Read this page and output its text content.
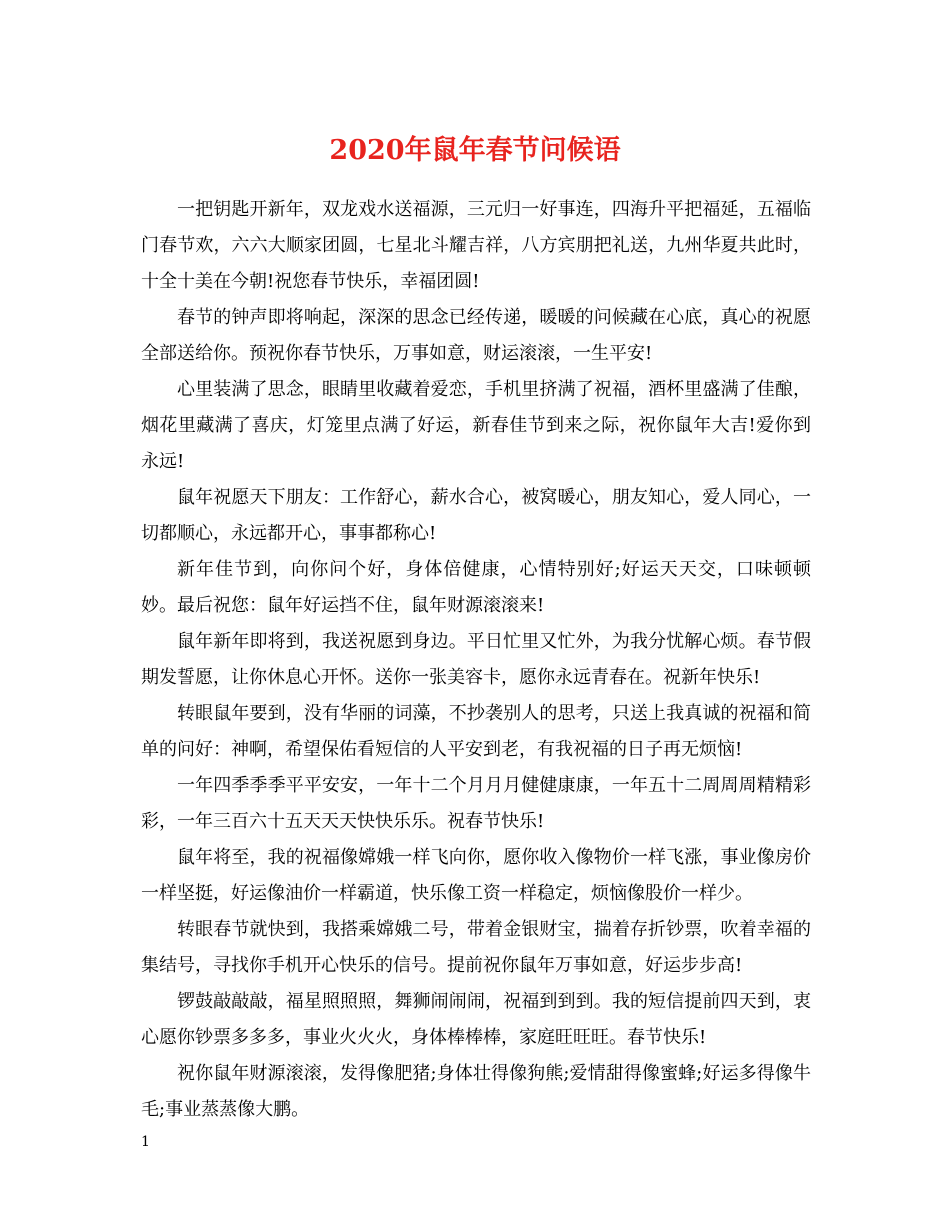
2020年鼠年春节问候语

一把钥匙开新年，双龙戏水送福源，三元归一好事连，四海升平把福延，五福临门春节欢，六六大顺家团圆，七星北斗耀吉祥，八方宾朋把礼送，九州华夏共此时，十全十美在今朝!祝您春节快乐，幸福团圆!

春节的钟声即将响起，深深的思念已经传递，暖暖的问候藏在心底，真心的祝愿全部送给你。预祝你春节快乐，万事如意，财运滚滚，一生平安!

心里装满了思念，眼睛里收藏着爱恋，手机里挤满了祝福，酒杯里盛满了佳酿，烟花里藏满了喜庆，灯笼里点满了好运，新春佳节到来之际，祝你鼠年大吉!爱你到永远!

鼠年祝愿天下朋友：工作舒心，薪水合心，被窝暖心，朋友知心，爱人同心，一切都顺心，永远都开心，事事都称心!

新年佳节到，向你问个好，身体倍健康，心情特别好;好运天天交，口味顿顿妙。最后祝您：鼠年好运挡不住，鼠年财源滚滚来!

鼠年新年即将到，我送祝愿到身边。平日忙里又忙外，为我分忧解心烦。春节假期发誓愿，让你休息心开怀。送你一张美容卡，愿你永远青春在。祝新年快乐!

转眼鼠年要到，没有华丽的词藻，不抄袭别人的思考，只送上我真诚的祝福和简单的问好：神啊，希望保佑看短信的人平安到老，有我祝福的日子再无烦恼!

一年四季季季平平安安，一年十二个月月月健健康康，一年五十二周周周精精彩彩，一年三百六十五天天天快快乐乐。祝春节快乐!

鼠年将至，我的祝福像嫦娥一样飞向你，愿你收入像物价一样飞涨，事业像房价一样坚挺，好运像油价一样霸道，快乐像工资一样稳定，烦恼像股价一样少。

转眼春节就快到，我搭乘嫦娥二号，带着金银财宝，揣着存折钞票，吹着幸福的集结号，寻找你手机开心快乐的信号。提前祝你鼠年万事如意，好运步步高!

锣鼓敲敲敲，福星照照照，舞狮闹闹闹，祝福到到到。我的短信提前四天到，衷心愿你钞票多多多，事业火火火，身体棒棒棒，家庭旺旺旺。春节快乐!

祝你鼠年财源滚滚，发得像肥猪;身体壮得像狗熊;爱情甜得像蜜蜂;好运多得像牛毛;事业蒸蒸像大鹏。

1
